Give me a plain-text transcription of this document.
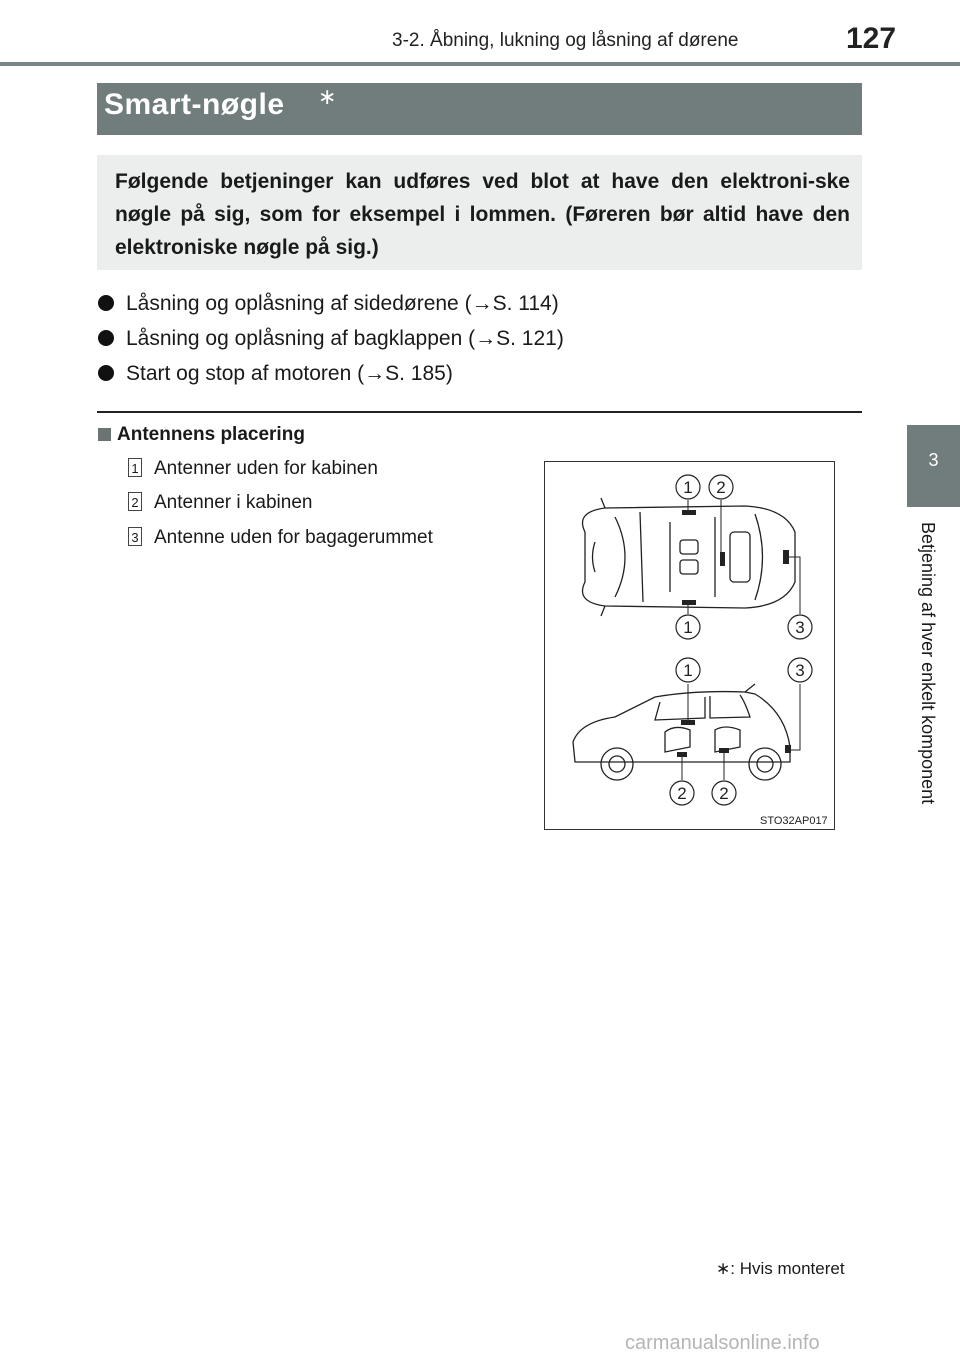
3-2. Åbning, lukning og låsning af dørene	127
Smart-nøgle ∗
Følgende betjeninger kan udføres ved blot at have den elektroni-ske nøgle på sig, som for eksempel i lommen. (Føreren bør altid have den elektroniske nøgle på sig.)
Låsning og oplåsning af sidedørene (→S. 114)
Låsning og oplåsning af bagklappen (→S. 121)
Start og stop af motoren (→S. 185)
Antennens placering
1 Antenner uden for kabinen
2 Antenner i kabinen
3 Antenne uden for bagagerummet
1 2
1	3
1	3
2 2
STO32AP017
3
Betjening af hver enkelt komponent
∗: Hvis monteret
carmanualsonline.info
